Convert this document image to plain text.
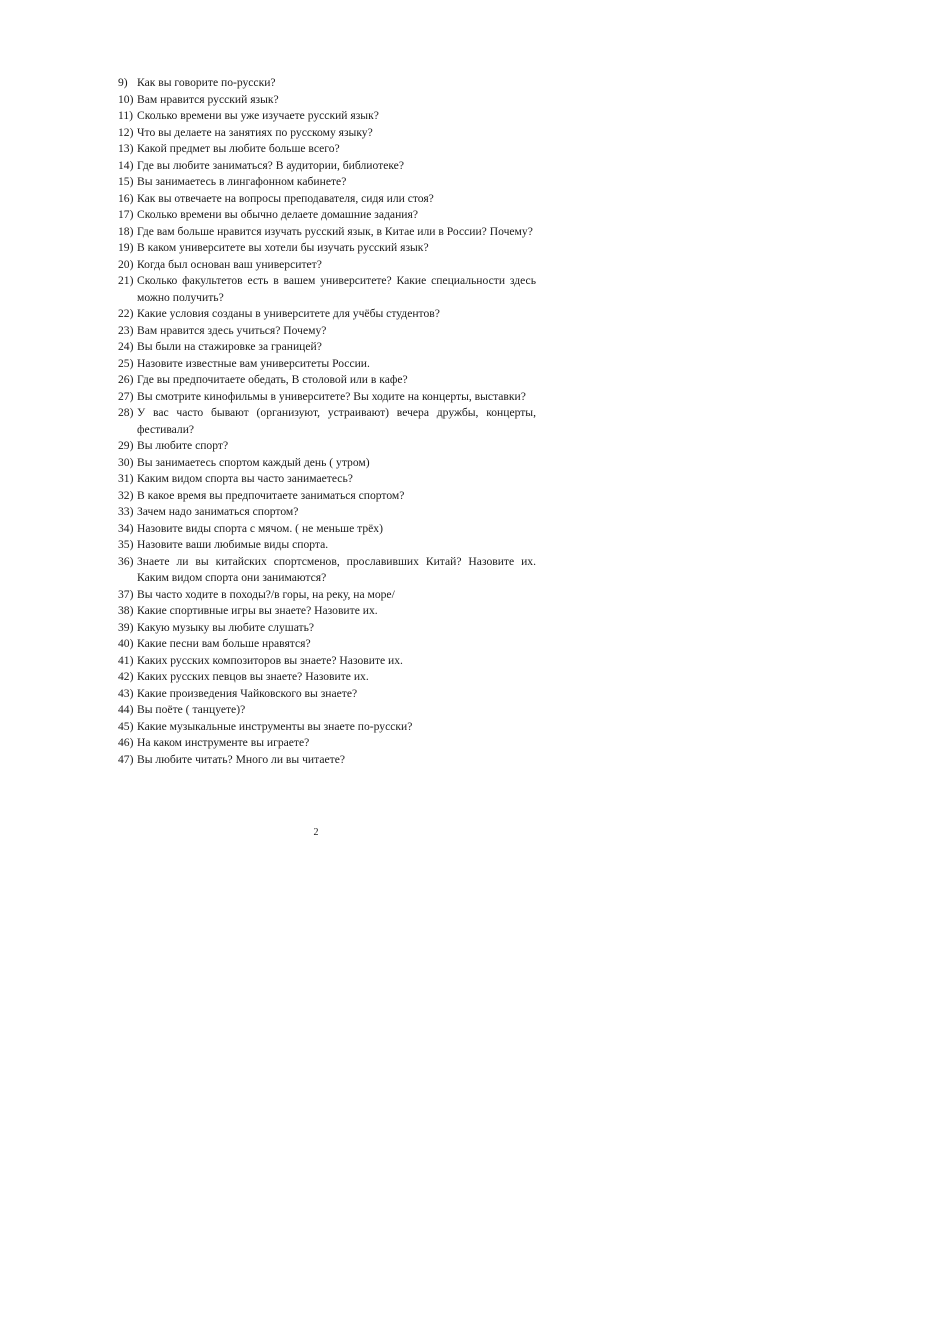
9) Как вы говорите по-русски?
10) Вам нравится русский язык?
11) Сколько времени вы уже изучаете русский язык?
12) Что вы делаете на занятиях по русскому языку?
13) Какой предмет вы любите больше всего?
14) Где вы любите заниматься? В аудитории, библиотеке?
15) Вы занимаетесь в лингафонном кабинете?
16) Как вы отвечаете на вопросы преподавателя, сидя или стоя?
17) Сколько времени вы обычно делаете домашние задания?
18) Где вам больше нравится изучать русский язык, в Китае или в России? Почему?
19) В каком университете вы хотели бы изучать русский язык?
20) Когда был основан ваш университет?
21) Сколько факультетов есть в вашем университете? Какие специальности здесь можно получить?
22) Какие условия созданы в университете для учёбы студентов?
23) Вам нравится здесь учиться? Почему?
24) Вы были на стажировке за границей?
25) Назовите известные вам университеты России.
26) Где вы предпочитаете обедать, В столовой или в кафе?
27) Вы смотрите кинофильмы в университете? Вы ходите на концерты, выставки?
28) У вас часто бывают (организуют, устраивают) вечера дружбы, концерты, фестивали?
29) Вы любите спорт?
30) Вы занимаетесь спортом каждый день ( утром)
31) Каким видом спорта вы часто занимаетесь?
32) В какое время вы предпочитаете заниматься спортом?
33) Зачем надо заниматься спортом?
34) Назовите виды спорта с мячом. ( не меньше трёх)
35) Назовите ваши любимые виды спорта.
36) Знаете ли вы китайских спортсменов, прославивших Китай? Назовите их. Каким видом спорта они занимаются?
37) Вы часто ходите в походы?/в горы, на реку, на море/
38) Какие спортивные игры вы знаете? Назовите их.
39) Какую музыку вы любите слушать?
40) Какие песни вам больше нравятся?
41) Каких русских композиторов вы знаете? Назовите их.
42) Каких русских певцов вы знаете? Назовите их.
43) Какие произведения Чайковского вы знаете?
44) Вы поёте ( танцуете)?
45) Какие музыкальные инструменты вы знаете по-русски?
46) На каком инструменте вы играете?
47) Вы любите читать? Много ли вы читаете?
2
